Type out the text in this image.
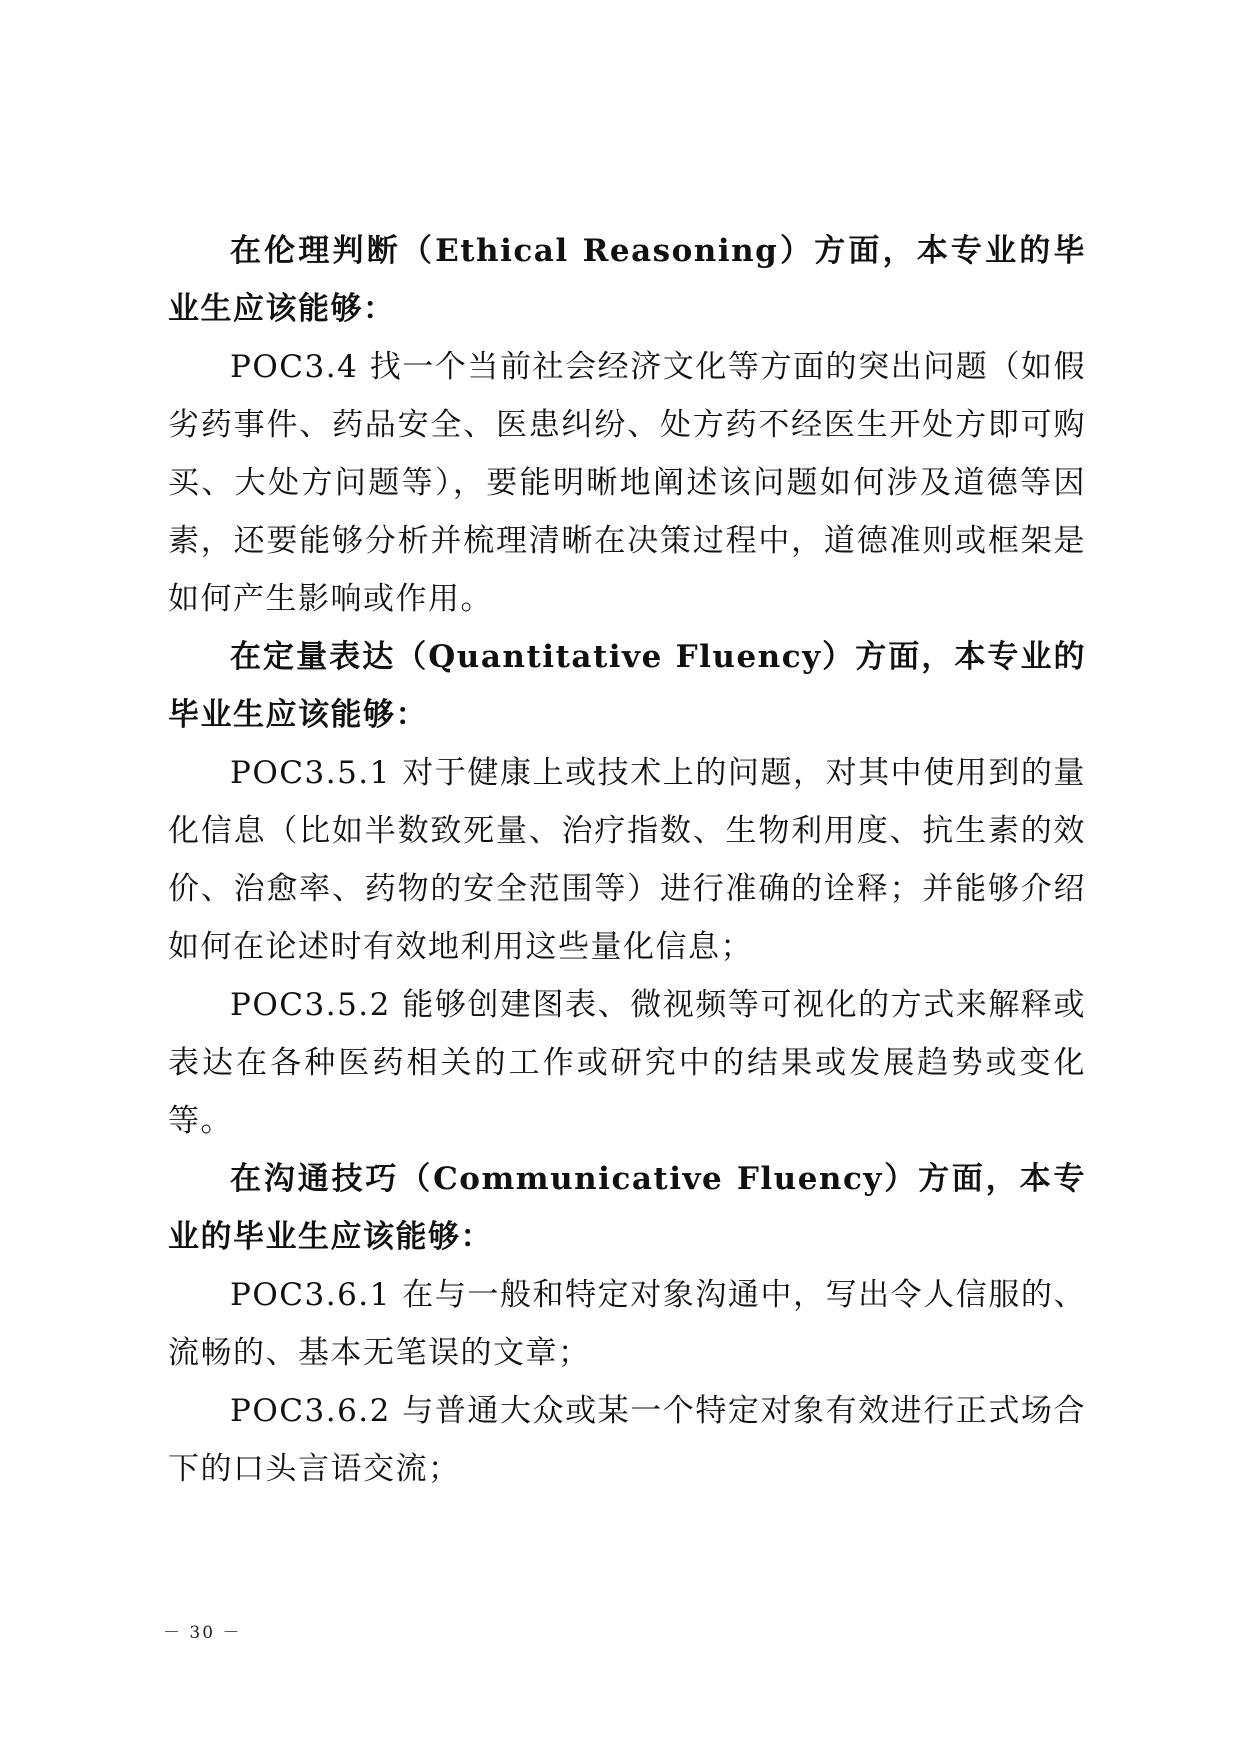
在伦理判断（Ethical Reasoning）方面，本专业的毕业生应该能够：

POC3.4 找一个当前社会经济文化等方面的突出问题（如假劣药事件、药品安全、医患纠纷、处方药不经医生开处方即可购买、大处方问题等），要能明晰地阐述该问题如何涉及道德等因素，还要能够分析并梳理清晰在决策过程中，道德准则或框架是如何产生影响或作用。

在定量表达（Quantitative Fluency）方面，本专业的毕业生应该能够：

POC3.5.1 对于健康上或技术上的问题，对其中使用到的量化信息（比如半数致死量、治疗指数、生物利用度、抗生素的效价、治愈率、药物的安全范围等）进行准确的诠释；并能够介绍如何在论述时有效地利用这些量化信息；

POC3.5.2 能够创建图表、微视频等可视化的方式来解释或表达在各种医药相关的工作或研究中的结果或发展趋势或变化等。

在沟通技巧（Communicative Fluency）方面，本专业的毕业生应该能够：

POC3.6.1 在与一般和特定对象沟通中，写出令人信服的、流畅的、基本无笔误的文章；

POC3.6.2 与普通大众或某一个特定对象有效进行正式场合下的口头言语交流；

－ 30 －
